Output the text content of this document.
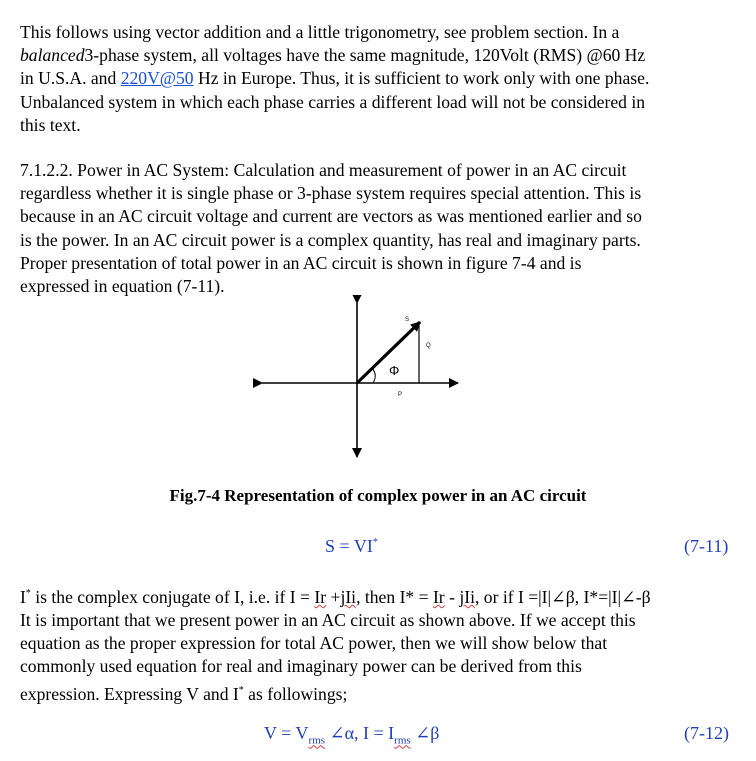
This follows using vector addition and a little trigonometry, see problem section. In a
balanced3-phase system, all voltages have the same magnitude, 120Volt (RMS) @60 Hz
in U.S.A. and 220V@50 Hz in Europe. Thus, it is sufficient to work only with one phase.
Unbalanced system in which each phase carries a different load will not be considered in
this text.
7.1.2.2. Power in AC System: Calculation and measurement of power in an AC circuit
regardless whether it is single phase or 3-phase system requires special attention. This is
because in an AC circuit voltage and current are vectors as was mentioned earlier and so
is the power. In an AC circuit power is a complex quantity, has real and imaginary parts.
Proper presentation of total power in an AC circuit is shown in figure 7-4 and is
expressed in equation (7-11).
S
Q
P
Φ
Fig.7-4 Representation of complex power in an AC circuit
S = VI*	(7-11)
I* is the complex conjugate of I, i.e. if I = Ir +jIi, then I* = Ir - jIi, or if I =|I|∠β, I*=|I|∠-β
It is important that we present power in an AC circuit as shown above. If we accept this
equation as the proper expression for total AC power, then we will show below that
commonly used equation for real and imaginary power can be derived from this
expression. Expressing V and I* as followings;
$V = V_{rms}$ ∠α, $I = I_{rms}$ ∠β	(7-12)
